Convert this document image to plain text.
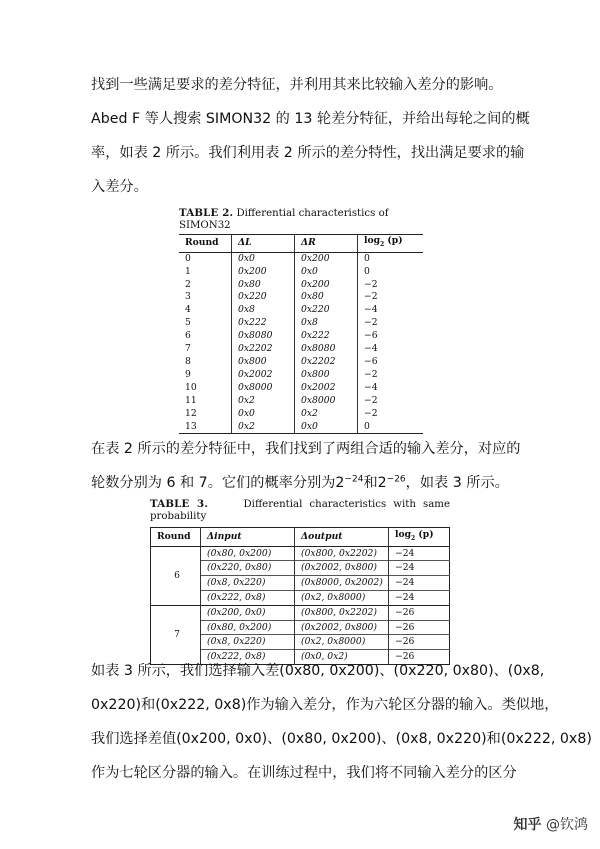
找到一些满足要求的差分特征，并利用其来比较输入差分的影响。
Abed F 等人搜索 SIMON32 的 13 轮差分特征，并给出每轮之间的概
率，如表 2 所示。我们利用表 2 所示的差分特性，找出满足要求的输
入差分。
TABLE 2. Differential characteristics of SIMON32
Round	ΔL	ΔR	$\log_2 (p)$
0	0x0	0x200	0
1	0x200	0x0	0
2	0x80	0x200	−2
3	0x220	0x80	−2
4	0x8	0x220	−4
5	0x222	0x8	−2
6	0x8080	0x222	−6
7	0x2202	0x8080	−4
8	0x800	0x2202	−6
9	0x2002	0x800	−2
10	0x8000	0x2002	−4
11	0x2	0x8000	−2
12	0x0	0x2	−2
13	0x2	0x0	0
在表 2 所示的差分特征中，我们找到了两组合适的输入差分，对应的
轮数分别为 6 和 7。它们的概率分别为$2^{-24}$和$2^{-26}$，如表 3 所示。
TABLE 3.	Differential characteristics with same probability
Round	Δinput	Δoutput	$\log_2 (p)$
6	(0x80, 0x200)	(0x800, 0x2202)	−24
	(0x220, 0x80)	(0x2002, 0x800)	−24
	(0x8, 0x220)	(0x8000, 0x2002)	−24
	(0x222, 0x8)	(0x2, 0x8000)	−24
7	(0x200, 0x0)	(0x800, 0x2202)	−26
	(0x80, 0x200)	(0x2002, 0x800)	−26
	(0x8, 0x220)	(0x2, 0x8000)	−26
	(0x222, 0x8)	(0x0, 0x2)	−26
如表 3 所示，我们选择输入差(0x80, 0x200)、(0x220, 0x80)、(0x8,
0x220)和(0x222, 0x8)作为输入差分，作为六轮区分器的输入。类似地，
我们选择差值(0x200, 0x0)、(0x80, 0x200)、(0x8, 0x220)和(0x222, 0x8)
作为七轮区分器的输入。在训练过程中，我们将不同输入差分的区分
知乎 @钦鸿
